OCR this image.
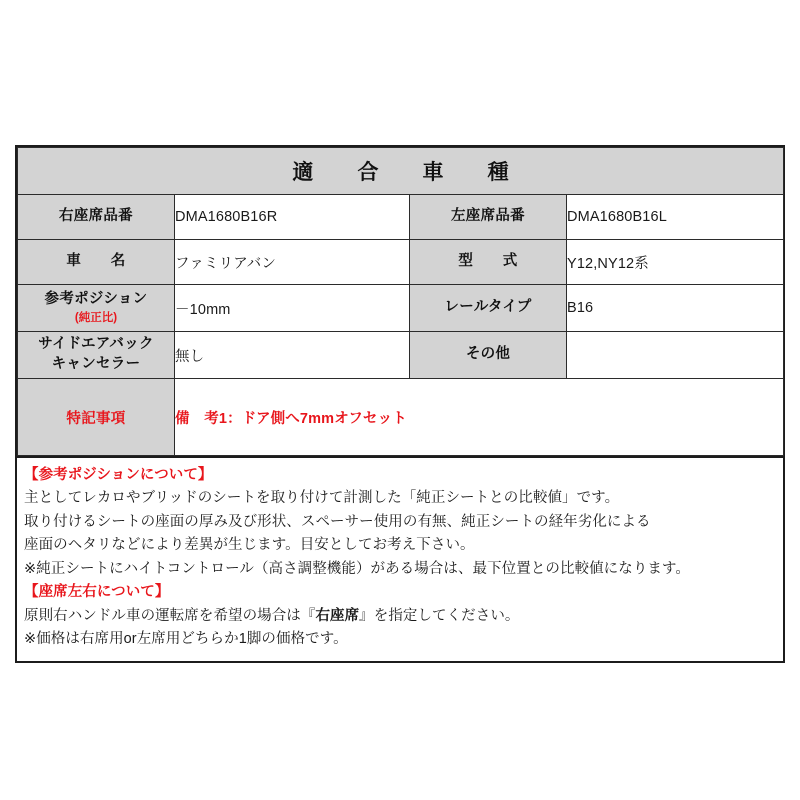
適　合　車　種			
右座席品番	DMA1680B16R	左座席品番	DMA1680B16L
車　　名	ファミリアバン	型　　式	Y12,NY12系

参考ポジション
(純正比)	－10mm	レールタイプ	B16

サイドエアバック
キャンセラー	無し	その他	
特記事項	備　考1：ドア側へ7mmオフセット		
【参考ポジションについて】
主としてレカロやブリッドのシートを取り付けて計測した「純正シートとの比較値」です。
取り付けるシートの座面の厚み及び形状、スペーサー使用の有無、純正シートの経年劣化による
座面のヘタリなどにより差異が生じます。目安としてお考え下さい。
※純正シートにハイトコントロール（高さ調整機能）がある場合は、最下位置との比較値になります。
【座席左右について】
原則右ハンドル車の運転席を希望の場合は『右座席』を指定してください。
※価格は右席用or左席用どちらか1脚の価格です。
